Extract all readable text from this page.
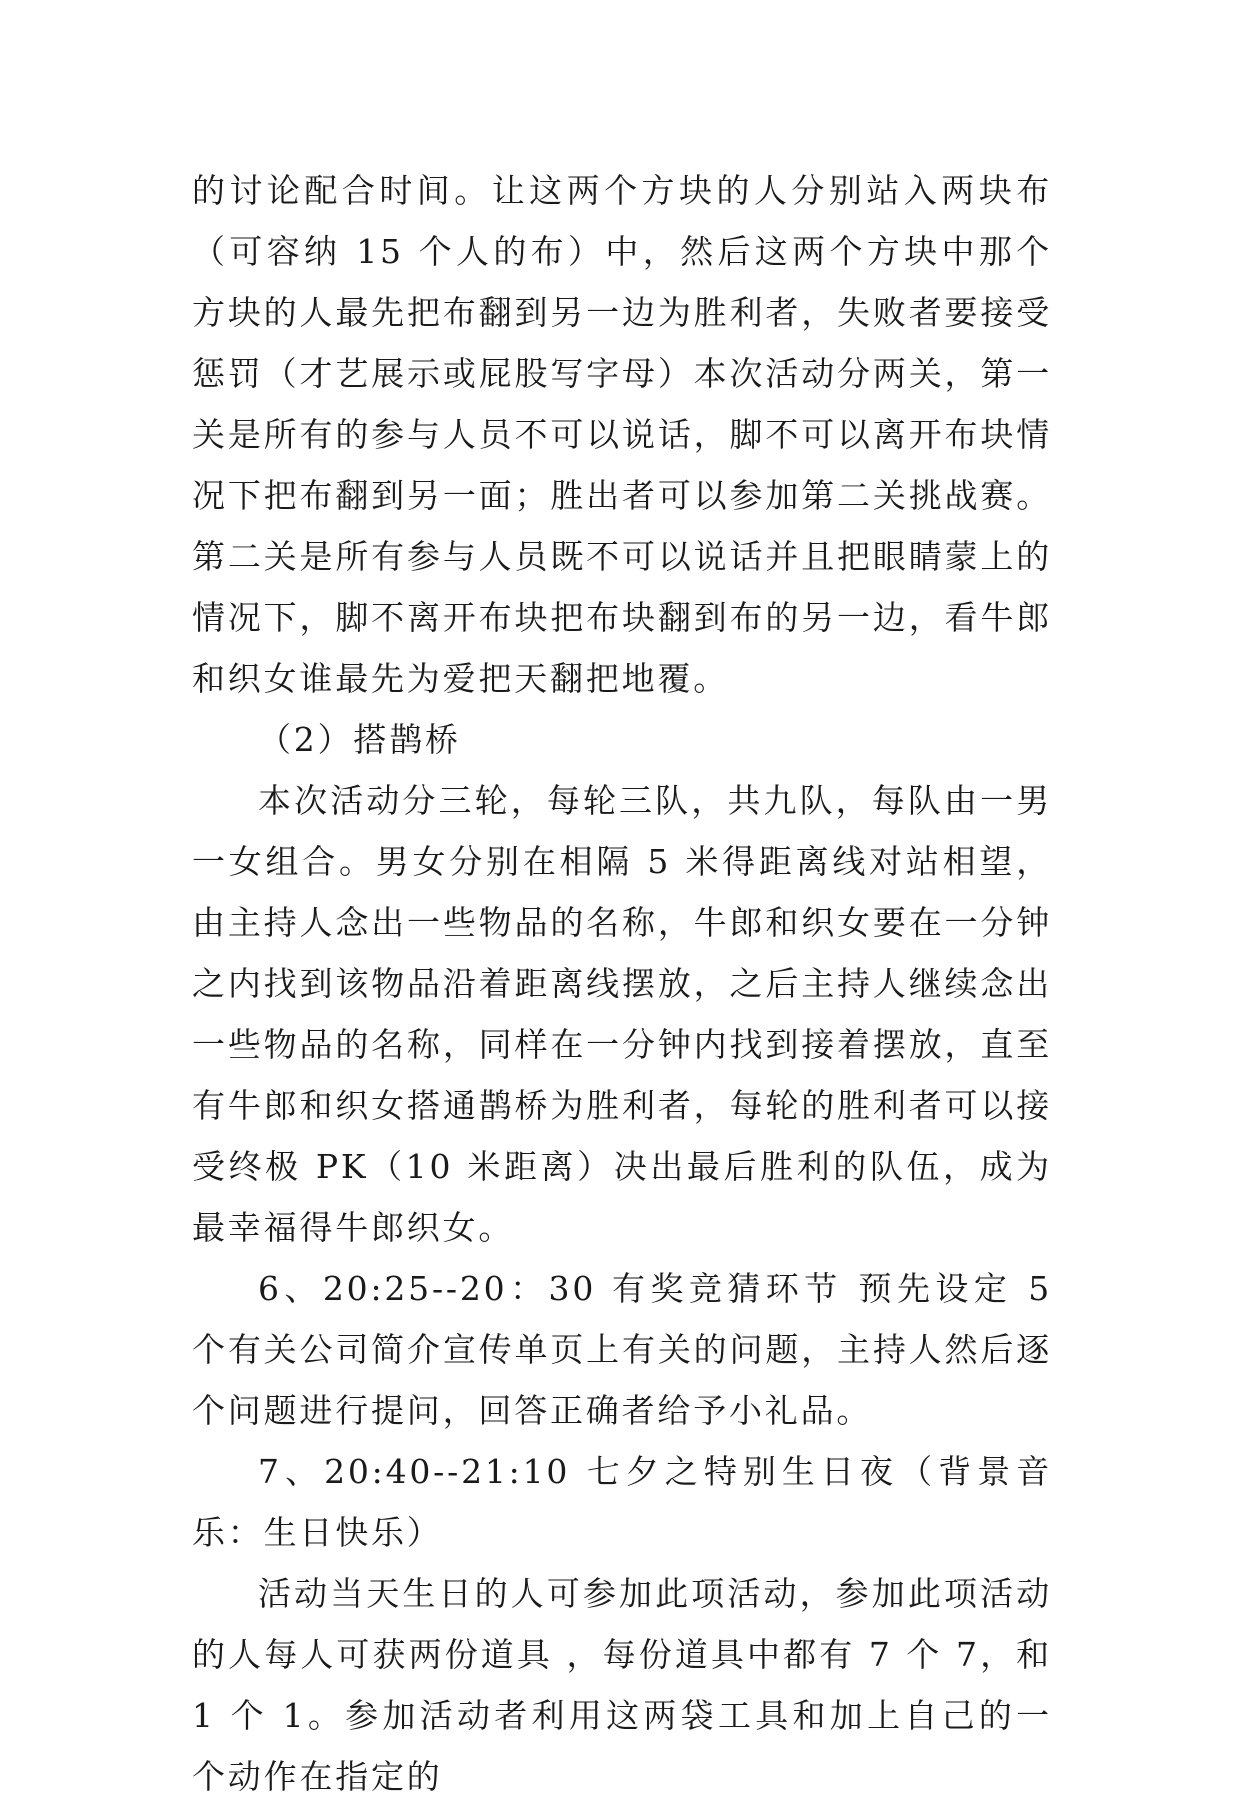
的讨论配合时间。让这两个方块的人分别站入两块布（可容纳 15 个人的布）中，然后这两个方块中那个方块的人最先把布翻到另一边为胜利者，失败者要接受惩罚（才艺展示或屁股写字母）本次活动分两关，第一关是所有的参与人员不可以说话，脚不可以离开布块情况下把布翻到另一面；胜出者可以参加第二关挑战赛。第二关是所有参与人员既不可以说话并且把眼睛蒙上的情况下，脚不离开布块把布块翻到布的另一边，看牛郎和织女谁最先为爱把天翻把地覆。

（2）搭鹊桥

本次活动分三轮，每轮三队，共九队，每队由一男一女组合。男女分别在相隔 5 米得距离线对站相望，由主持人念出一些物品的名称，牛郎和织女要在一分钟之内找到该物品沿着距离线摆放，之后主持人继续念出一些物品的名称，同样在一分钟内找到接着摆放，直至有牛郎和织女搭通鹊桥为胜利者，每轮的胜利者可以接受终极 PK（10 米距离）决出最后胜利的队伍，成为最幸福得牛郎织女。

6、20:25--20：30 有奖竞猜环节 预先设定 5 个有关公司简介宣传单页上有关的问题，主持人然后逐个问题进行提问，回答正确者给予小礼品。

7、20:40--21:10 七夕之特别生日夜（背景音乐：生日快乐）

活动当天生日的人可参加此项活动，参加此项活动的人每人可获两份道具 ，每份道具中都有 7 个 7，和 1 个 1。参加活动者利用这两袋工具和加上自己的一个动作在指定的
